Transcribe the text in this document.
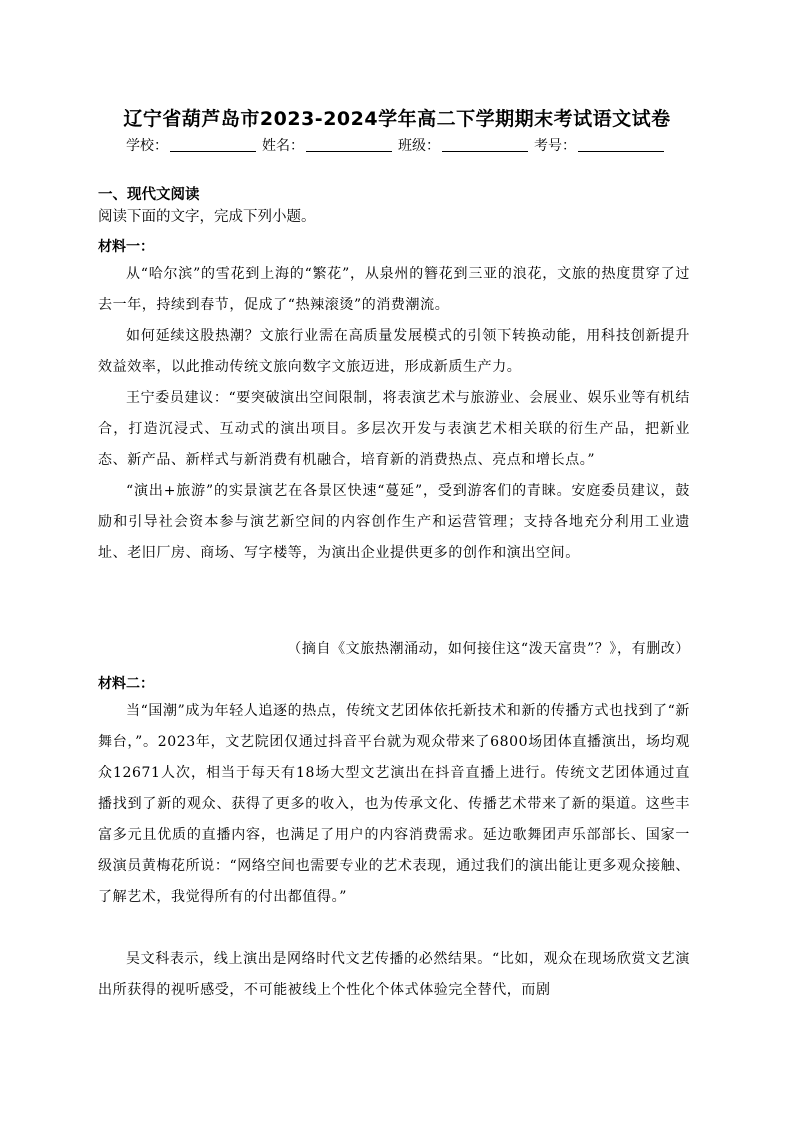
辽宁省葫芦岛市2023-2024学年高二下学期期末考试语文试卷
学校：	姓名：	班级：	考号：
一、现代文阅读
阅读下面的文字，完成下列小题。
材料一：

从“哈尔滨”的雪花到上海的“繁花”，从泉州的簪花到三亚的浪花，文旅的热度贯穿了过去一年，持续到春节，促成了“热辣滚烫”的消费潮流。

如何延续这股热潮？文旅行业需在高质量发展模式的引领下转换动能，用科技创新提升效益效率，以此推动传统文旅向数字文旅迈进，形成新质生产力。

王宁委员建议：“要突破演出空间限制，将表演艺术与旅游业、会展业、娱乐业等有机结合，打造沉浸式、互动式的演出项目。多层次开发与表演艺术相关联的衍生产品，把新业态、新产品、新样式与新消费有机融合，培育新的消费热点、亮点和增长点。”

“演出+旅游”的实景演艺在各景区快速“蔓延”，受到游客们的青睐。安庭委员建议，鼓励和引导社会资本参与演艺新空间的内容创作生产和运营管理；支持各地充分利用工业遗址、老旧厂房、商场、写字楼等，为演出企业提供更多的创作和演出空间。

（摘自《文旅热潮涌动，如何接住这“泼天富贵”？》，有删改）
材料二：

当“国潮”成为年轻人追逐的热点，传统文艺团体依托新技术和新的传播方式也找到了“新舞台，”。2023年，文艺院团仅通过抖音平台就为观众带来了6800场团体直播演出，场均观众12671人次，相当于每天有18场大型文艺演出在抖音直播上进行。传统文艺团体通过直播找到了新的观众、获得了更多的收入，也为传承文化、传播艺术带来了新的渠道。这些丰富多元且优质的直播内容，也满足了用户的内容消费需求。延边歌舞团声乐部部长、国家一级演员黄梅花所说：“网络空间也需要专业的艺术表现，通过我们的演出能让更多观众接触、了解艺术，我觉得所有的付出都值得。”

吴文科表示，线上演出是网络时代文艺传播的必然结果。“比如，观众在现场欣赏文艺演出所获得的视听感受，不可能被线上个性化个体式体验完全替代，而剧
